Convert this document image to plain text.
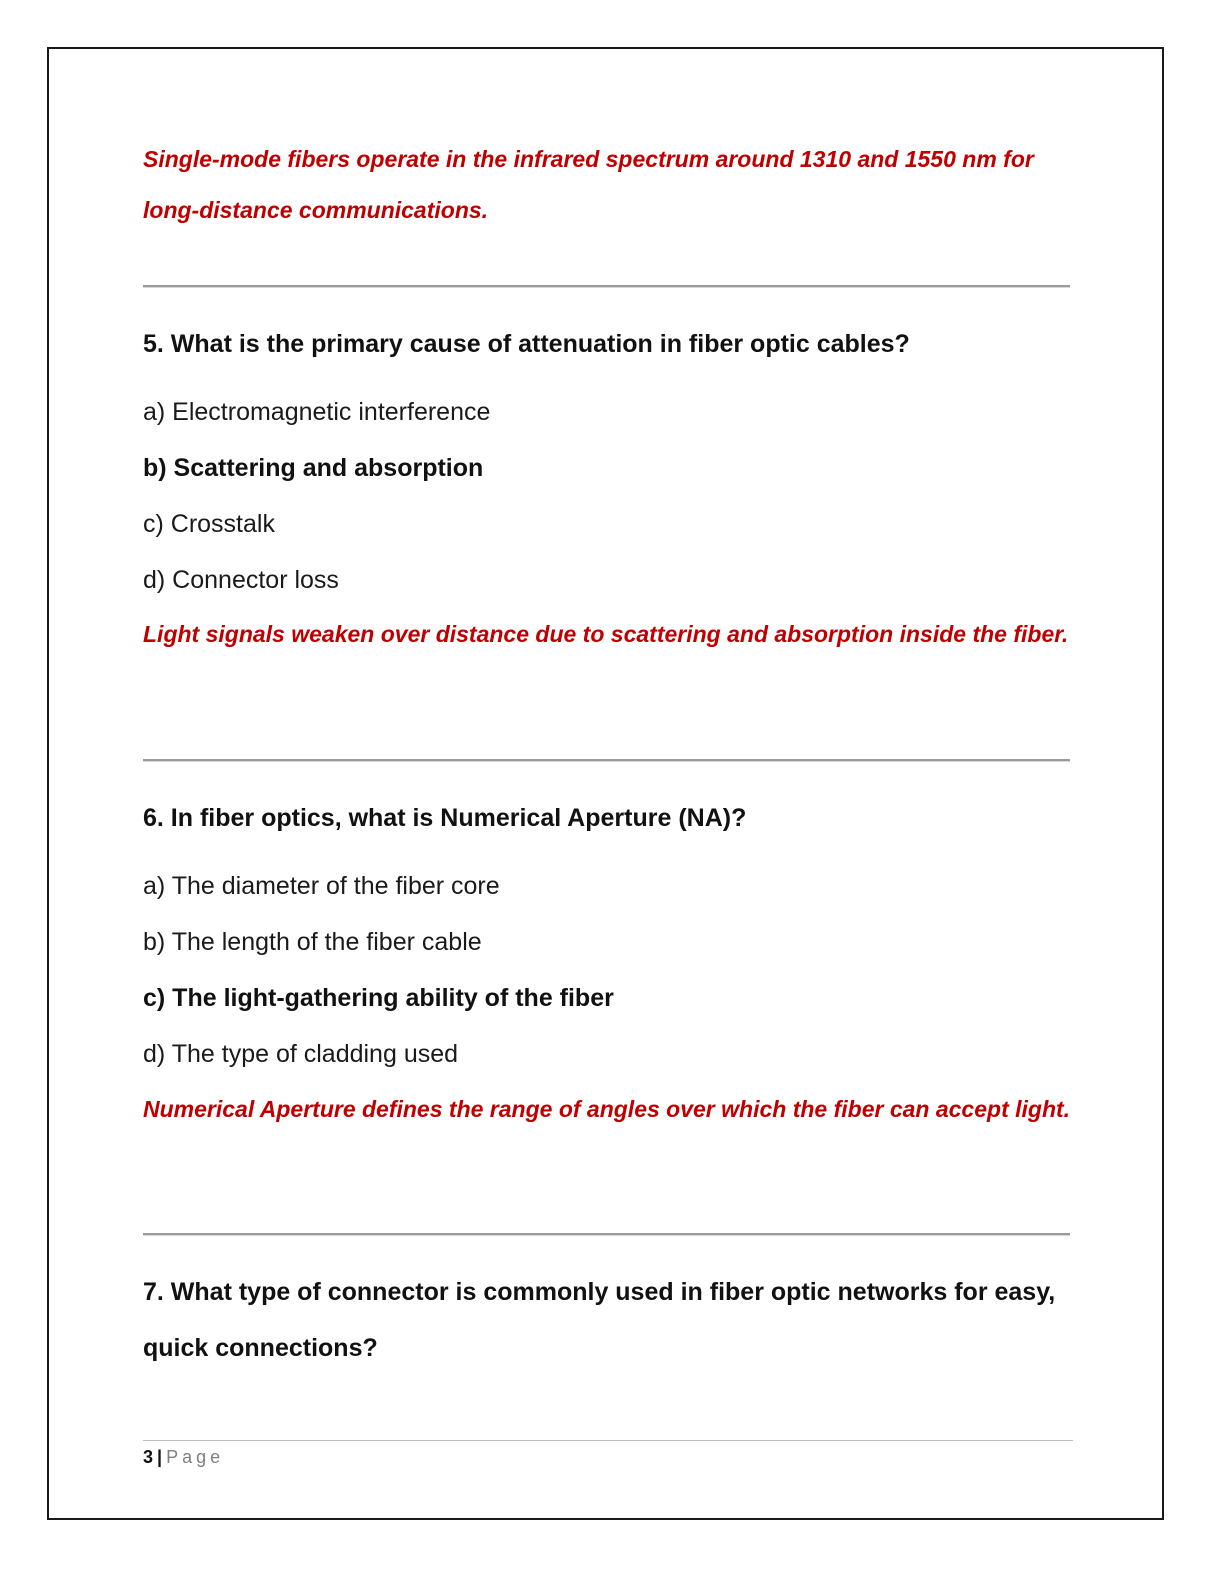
Single-mode fibers operate in the infrared spectrum around 1310 and 1550 nm for long-distance communications.
5. What is the primary cause of attenuation in fiber optic cables?
a) Electromagnetic interference
b) Scattering and absorption
c) Crosstalk
d) Connector loss
Light signals weaken over distance due to scattering and absorption inside the fiber.
6. In fiber optics, what is Numerical Aperture (NA)?
a) The diameter of the fiber core
b) The length of the fiber cable
c) The light-gathering ability of the fiber
d) The type of cladding used
Numerical Aperture defines the range of angles over which the fiber can accept light.
7. What type of connector is commonly used in fiber optic networks for easy, quick connections?
3 | Page
